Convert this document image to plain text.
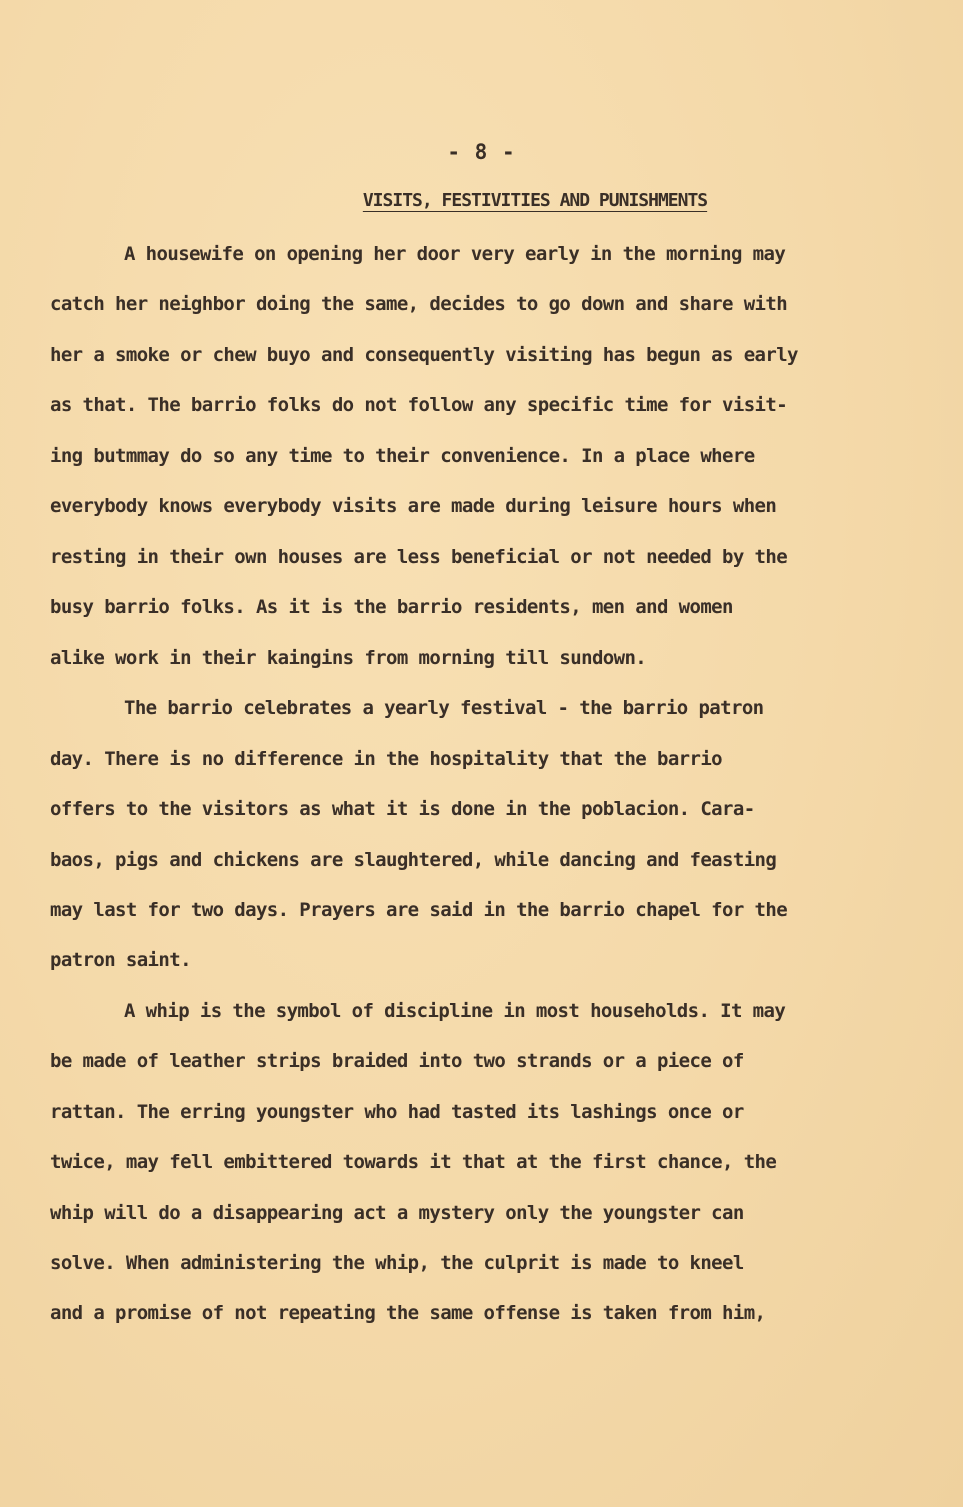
- 8 -
VISITS, FESTIVITIES AND PUNISHMENTS
A housewife on opening her door very early in the morning may
catch her neighbor doing the same, decides to go down and share with
her a smoke or chew buyo and consequently visiting has begun as early
as that. The barrio folks do not follow any specific time for visit-
ing butmmay do so any time to their convenience. In a place where
everybody knows everybody visits are made during leisure hours when
resting in their own houses are less beneficial or not needed by the
busy barrio folks. As it is the barrio residents, men and women
alike work in their kaingins from morning till sundown.
The barrio celebrates a yearly festival - the barrio patron
day. There is no difference in the hospitality that the barrio
offers to the visitors as what it is done in the poblacion. Cara-
baos, pigs and chickens are slaughtered, while dancing and feasting
may last for two days. Prayers are said in the barrio chapel for the
patron saint.
A whip is the symbol of discipline in most households. It may
be made of leather strips braided into two strands or a piece of
rattan. The erring youngster who had tasted its lashings once or
twice, may fell embittered towards it that at the first chance, the
whip will do a disappearing act a mystery only the youngster can
solve. When administering the whip, the culprit is made to kneel
and a promise of not repeating the same offense is taken from him,
